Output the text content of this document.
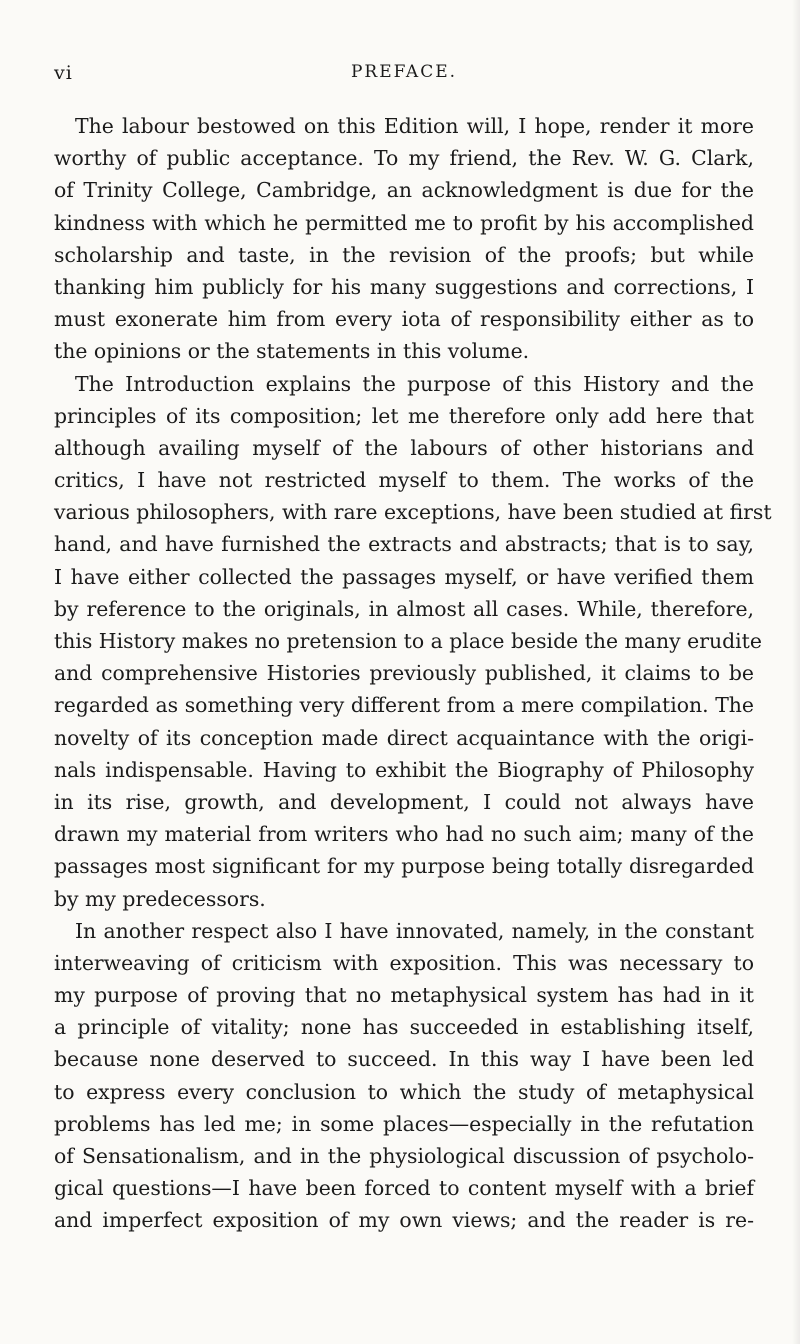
vi	PREFACE.
The labour bestowed on this Edition will, I hope, render it more
worthy of public acceptance. To my friend, the Rev. W. G. Clark,
of Trinity College, Cambridge, an acknowledgment is due for the
kindness with which he permitted me to profit by his accomplished
scholarship and taste, in the revision of the proofs; but while
thanking him publicly for his many suggestions and corrections, I
must exonerate him from every iota of responsibility either as to
the opinions or the statements in this volume.
The Introduction explains the purpose of this History and the
principles of its composition; let me therefore only add here that
although availing myself of the labours of other historians and
critics, I have not restricted myself to them. The works of the
various philosophers, with rare exceptions, have been studied at first
hand, and have furnished the extracts and abstracts; that is to say,
I have either collected the passages myself, or have verified them
by reference to the originals, in almost all cases. While, therefore,
this History makes no pretension to a place beside the many erudite
and comprehensive Histories previously published, it claims to be
regarded as something very different from a mere compilation. The
novelty of its conception made direct acquaintance with the origi-
nals indispensable. Having to exhibit the Biography of Philosophy
in its rise, growth, and development, I could not always have
drawn my material from writers who had no such aim; many of the
passages most significant for my purpose being totally disregarded
by my predecessors.
In another respect also I have innovated, namely, in the constant
interweaving of criticism with exposition. This was necessary to
my purpose of proving that no metaphysical system has had in it
a principle of vitality; none has succeeded in establishing itself,
because none deserved to succeed. In this way I have been led
to express every conclusion to which the study of metaphysical
problems has led me; in some places—especially in the refutation
of Sensationalism, and in the physiological discussion of psycholo-
gical questions—I have been forced to content myself with a brief
and imperfect exposition of my own views; and the reader is re-
